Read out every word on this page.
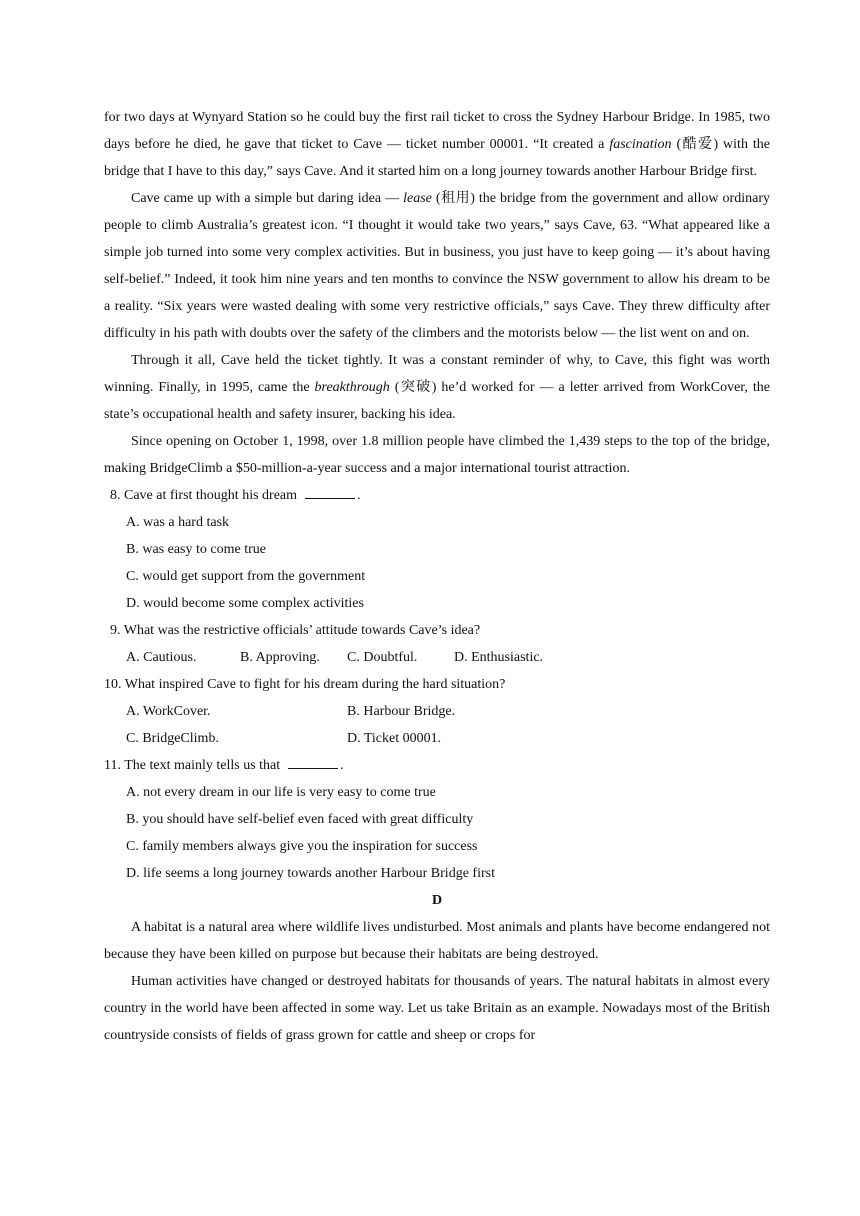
for two days at Wynyard Station so he could buy the first rail ticket to cross the Sydney Harbour Bridge. In 1985, two days before he died, he gave that ticket to Cave — ticket number 00001. “It created a fascination (酷爱) with the bridge that I have to this day,” says Cave. And it started him on a long journey towards another Harbour Bridge first.

Cave came up with a simple but daring idea — lease (租用) the bridge from the government and allow ordinary people to climb Australia’s greatest icon. “I thought it would take two years,” says Cave, 63. “What appeared like a simple job turned into some very complex activities. But in business, you just have to keep going — it’s about having self-belief.” Indeed, it took him nine years and ten months to convince the NSW government to allow his dream to be a reality. “Six years were wasted dealing with some very restrictive officials,” says Cave. They threw difficulty after difficulty in his path with doubts over the safety of the climbers and the motorists below — the list went on and on.

Through it all, Cave held the ticket tightly. It was a constant reminder of why, to Cave, this fight was worth winning. Finally, in 1995, came the breakthrough (突破) he’d worked for — a letter arrived from WorkCover, the state’s occupational health and safety insurer, backing his idea.

Since opening on October 1, 1998, over 1.8 million people have climbed the 1,439 steps to the top of the bridge, making BridgeClimb a $50-million-a-year success and a major international tourist attraction.

8. Cave at first thought his dream	.

A. was a hard task

B. was easy to come true

C. would get support from the government

D. would become some complex activities

9. What was the restrictive officials’ attitude towards Cave’s idea?

A. Cautious.	B. Approving.	C. Doubtful.	D. Enthusiastic.

10. What inspired Cave to fight for his dream during the hard situation?

A. WorkCover.	B. Harbour Bridge.
C. BridgeClimb.	D. Ticket 00001.

11. The text mainly tells us that	.

A. not every dream in our life is very easy to come true

B. you should have self-belief even faced with great difficulty

C. family members always give you the inspiration for success

D. life seems a long journey towards another Harbour Bridge first

D

A habitat is a natural area where wildlife lives undisturbed. Most animals and plants have become endangered not because they have been killed on purpose but because their habitats are being destroyed.

Human activities have changed or destroyed habitats for thousands of years. The natural habitats in almost every country in the world have been affected in some way. Let us take Britain as an example. Nowadays most of the British countryside consists of fields of grass grown for cattle and sheep or crops for
